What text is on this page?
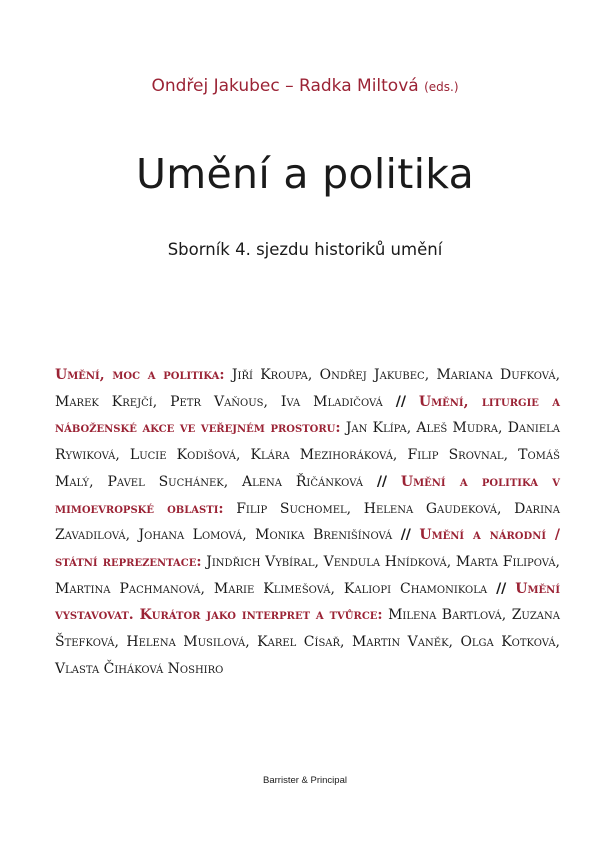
Ondřej Jakubec – Radka Miltová (eds.)
Umění a politika
Sborník 4. sjezdu historiků umění
Umění, moc a politika: Jiří Kroupa, Ondřej Jakubec, Mariana Dufková, Marek Krejčí, Petr Vaňous, Iva Mladičová // Umění, liturgie a náboženské akce ve veřejném prostoru: Jan Klípa, Aleš Mudra, Daniela Rywiková, Lucie Kodišová, Klára Mezihoráková, Filip Srovnal, Tomáš Malý, Pavel Suchánek, Alena Řičánková // Umění a politika v mimoevropské oblasti: Filip Suchomel, Helena Gaudeková, Darina Zavadilová, Johana Lomová, Monika Brenišínová // Umění a národní / státní reprezentace: Jindřich Vybíral, Vendula Hnídková, Marta Filipová, Martina Pachmanová, Marie Klimešová, Kaliopi Chamonikola // Umění vystavovat. Kurátor jako interpret a tvůrce: Milena Bartlová, Zuzana Štefková, Helena Musilová, Karel Císař, Martin Vaněk, Olga Kotková, Vlasta Čiháková Noshiro
Barrister & Principal
